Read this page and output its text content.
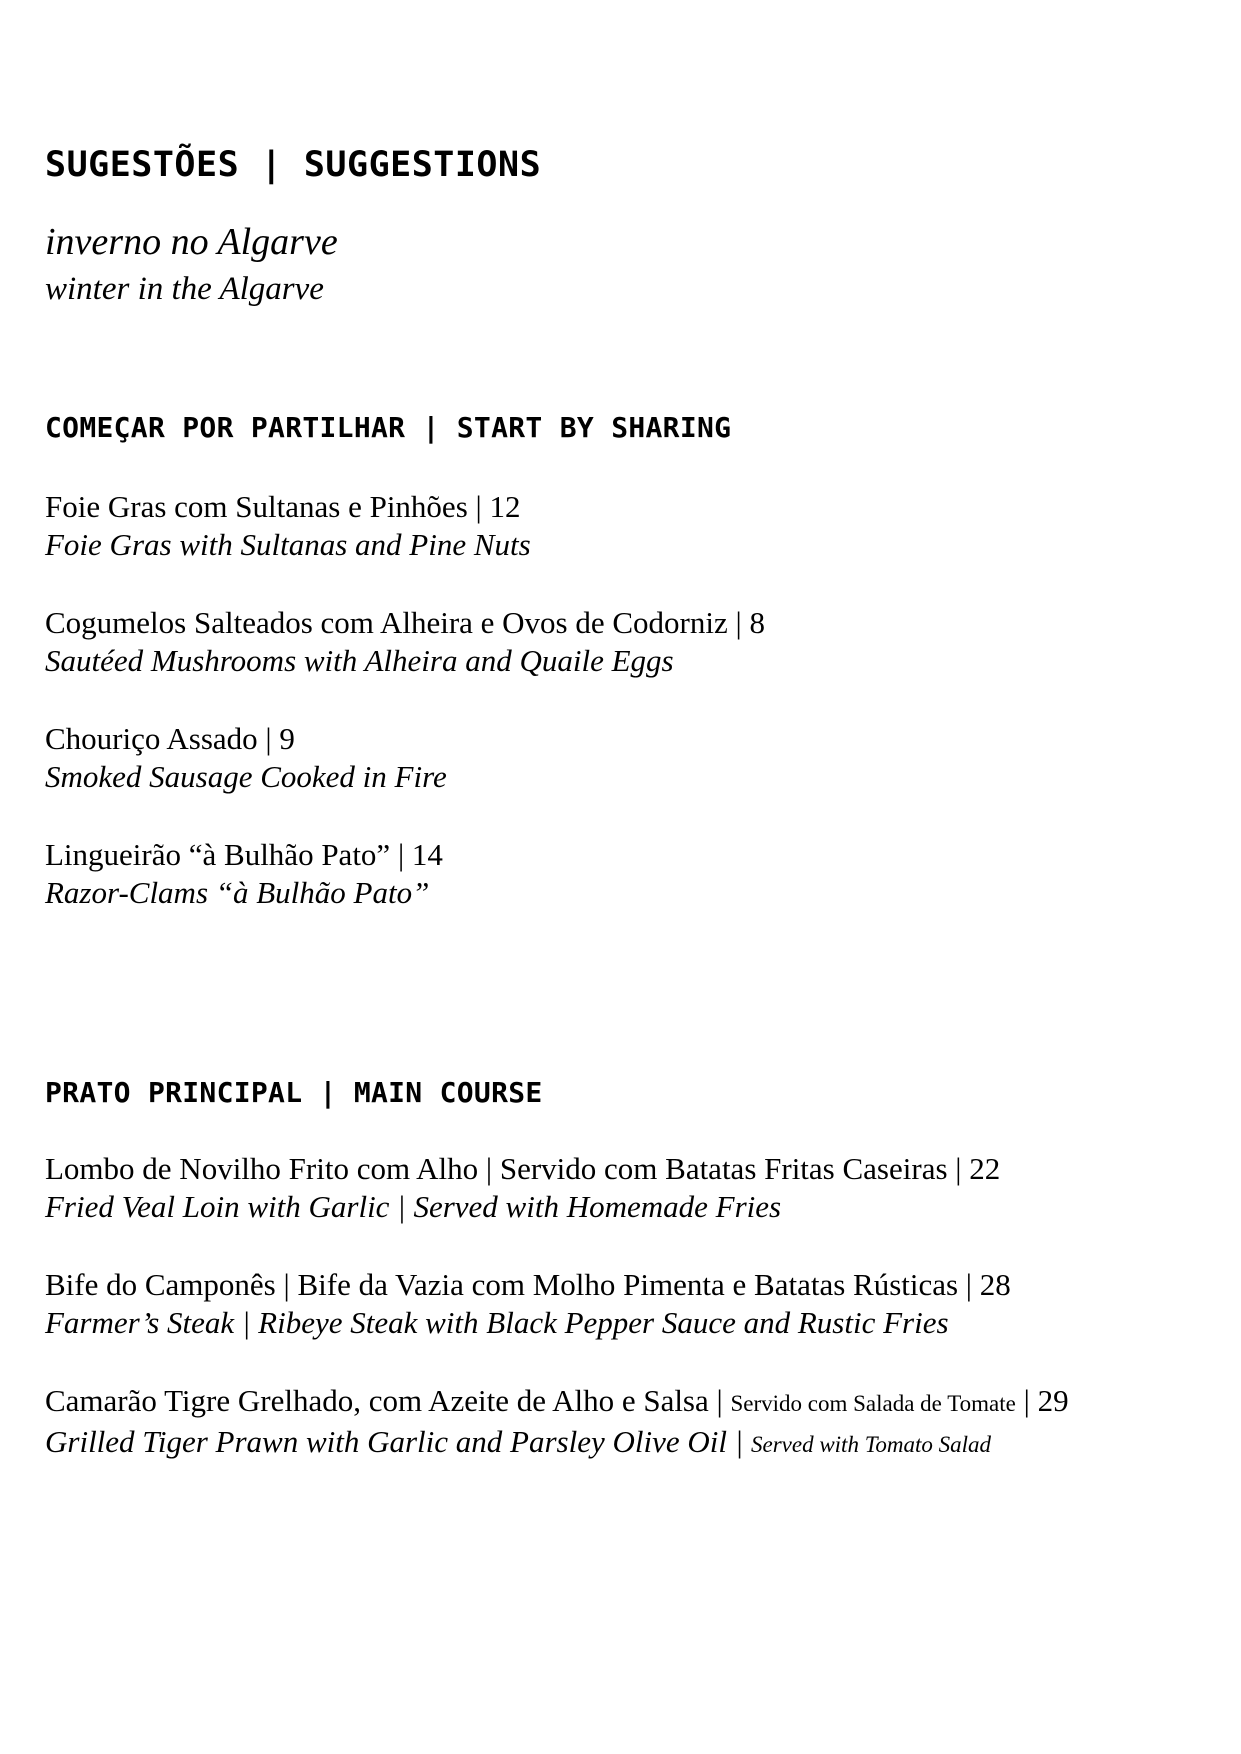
SUGESTÕES | SUGGESTIONS
inverno no Algarve
winter in the Algarve
COMEÇAR POR PARTILHAR | START BY SHARING
Foie Gras com Sultanas e Pinhões | 12
Foie Gras with Sultanas and Pine Nuts
Cogumelos Salteados com Alheira e Ovos de Codorniz | 8
Sautéed Mushrooms with Alheira and Quaile Eggs
Chouriço Assado | 9
Smoked Sausage Cooked in Fire
Lingueirão “à Bulhão Pato” | 14
Razor-Clams “à Bulhão Pato”
PRATO PRINCIPAL | MAIN COURSE
Lombo de Novilho Frito com Alho | Servido com Batatas Fritas Caseiras | 22
Fried Veal Loin with Garlic | Served with Homemade Fries
Bife do Camponês | Bife da Vazia com Molho Pimenta e Batatas Rústicas | 28
Farmer’s Steak | Ribeye Steak with Black Pepper Sauce and Rustic Fries
Camarão Tigre Grelhado, com Azeite de Alho e Salsa | Servido com Salada de Tomate | 29
Grilled Tiger Prawn with Garlic and Parsley Olive Oil | Served with Tomato Salad
